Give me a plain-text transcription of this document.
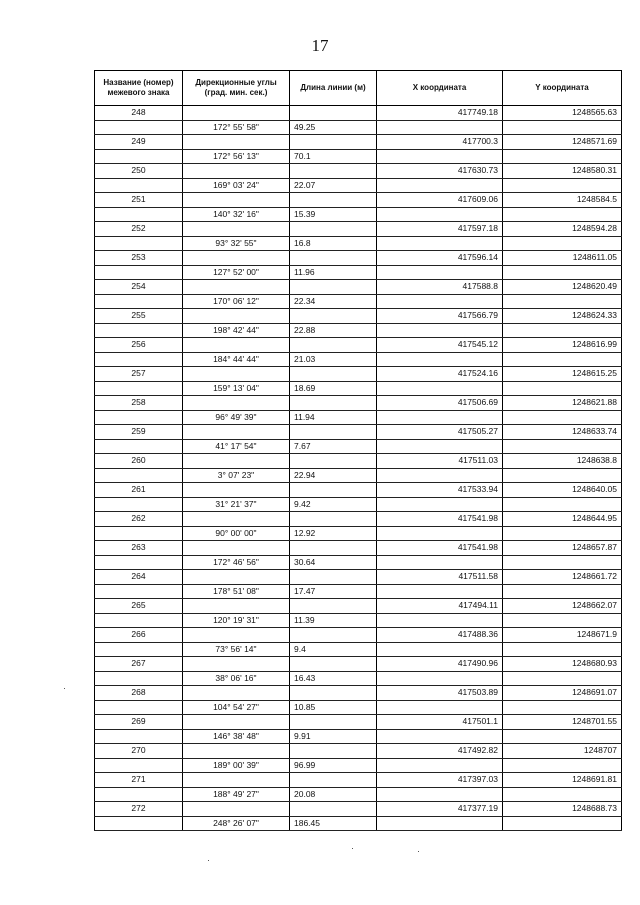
17
Название (номер) межевого знака	Дирекционные углы (град. мин. сек.)	Длина линии (м)	X координата	Y координата
248			417749.18	1248565.63
	172° 55' 58"	49.25		
249			417700.3	1248571.69
	172° 56' 13"	70.1		
250			417630.73	1248580.31
	169° 03' 24"	22.07		
251			417609.06	1248584.5
	140° 32' 16"	15.39		
252			417597.18	1248594.28
	93° 32' 55"	16.8		
253			417596.14	1248611.05
	127° 52' 00"	11.96		
254			417588.8	1248620.49
	170° 06' 12"	22.34		
255			417566.79	1248624.33
	198° 42' 44"	22.88		
256			417545.12	1248616.99
	184° 44' 44"	21.03		
257			417524.16	1248615.25
	159° 13' 04"	18.69		
258			417506.69	1248621.88
	96° 49' 39"	11.94		
259			417505.27	1248633.74
	41° 17' 54"	7.67		
260			417511.03	1248638.8
	3° 07' 23"	22.94		
261			417533.94	1248640.05
	31° 21' 37"	9.42		
262			417541.98	1248644.95
	90° 00' 00"	12.92		
263			417541.98	1248657.87
	172° 46' 56"	30.64		
264			417511.58	1248661.72
	178° 51' 08"	17.47		
265			417494.11	1248662.07
	120° 19' 31"	11.39		
266			417488.36	1248671.9
	73° 56' 14"	9.4		
267			417490.96	1248680.93
	38° 06' 16"	16.43		
268			417503.89	1248691.07
	104° 54' 27"	10.85		
269			417501.1	1248701.55
	146° 38' 48"	9.91		
270			417492.82	1248707
	189° 00' 39"	96.99		
271			417397.03	1248691.81
	188° 49' 27"	20.08		
272			417377.19	1248688.73
	248° 26' 07"	186.45		
